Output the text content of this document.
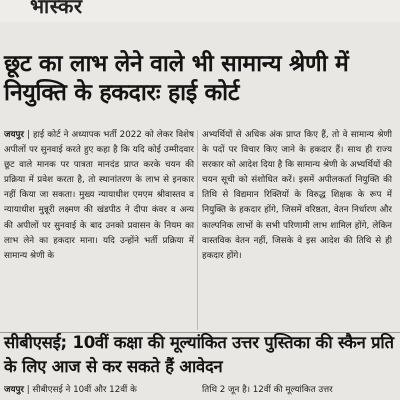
भास्कर
छूट का लाभ लेने वाले भी सामान्य श्रेणी में नियुक्ति के हकदारः हाई कोर्ट
जयपुर | हाई कोर्ट ने अध्यापक भर्ती 2022 को लेकर विशेष अपीलों पर सुनवाई करते हुए कहा है कि यदि कोई उम्मीदवार छूट वाले मानक पर पात्रता मानदंड प्राप्त करके चयन की प्रक्रिया में प्रवेश करता है, तो स्थानांतरण के लाभ से इनकार नहीं किया जा सकता। मुख्य न्यायाधीश एमएम श्रीवास्तव व न्यायाधीश मुन्नूरी लक्ष्मण की खंडपीठ ने दीपा कंवर व अन्य की अपीलों पर सुनवाई के बाद उनको प्रवासन के नियम का लाभ लेने का हकदार माना। यदि उन्होंने भर्ती प्रक्रिया में सामान्य श्रेणी के
अभ्यर्थियों से अधिक अंक प्राप्त किए हैं, तो वे सामान्य श्रेणी के पदों पर विचार किए जाने के हकदार हैं। साथ ही राज्य सरकार को आदेश दिया है कि सामान्य श्रेणी के अभ्यर्थियों की चयन सूची को संशोधित करें। इसमें अपीलकर्ता नियुक्ति की तिथि से विद्यमान रिक्तियों के विरुद्ध शिक्षक के रूप में नियुक्ति के हकदार होंगे, जिसमें वरिष्ठता, वेतन निर्धारण और काल्पनिक लाभों के सभी परिणामी लाभ शामिल होंगे, लेकिन वास्तविक वेतन नहीं, जिसके वे इस आदेश की तिथि से ही हकदार होंगे।
सीबीएसई; 10वीं कक्षा की मूल्यांकित उत्तर पुस्तिका की स्कैन प्रति के लिए आज से कर सकते हैं आवेदन
जयपुर | सीबीएसई ने 10वीं और 12वीं के	तिथि 2 जून है। 12वीं की मूल्यांकित उत्तर
